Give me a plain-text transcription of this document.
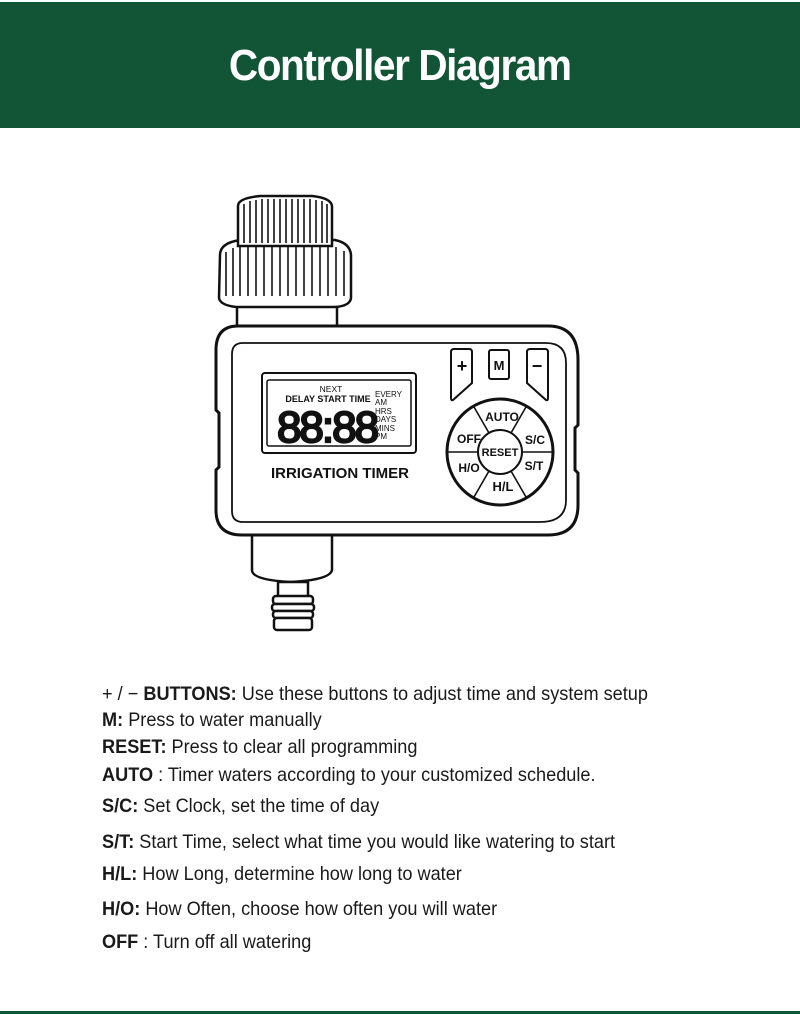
Controller Diagram
NEXT
DELAY START TIME
88:88
EVERY
AM
HRS
DAYS
MINS
PM
IRRIGATION TIMER
+ M −
AUTO
S/C
S/T
H/L
H/O
OFF
RESET
+ / − BUTTONS: Use these buttons to adjust time and system setup
M: Press to water manually
RESET: Press to clear all programming
AUTO : Timer waters according to your customized schedule.
S/C: Set Clock, set the time of day
S/T: Start Time, select what time you would like watering to start
H/L: How Long, determine how long to water
H/O: How Often, choose how often you will water
OFF : Turn off all watering
